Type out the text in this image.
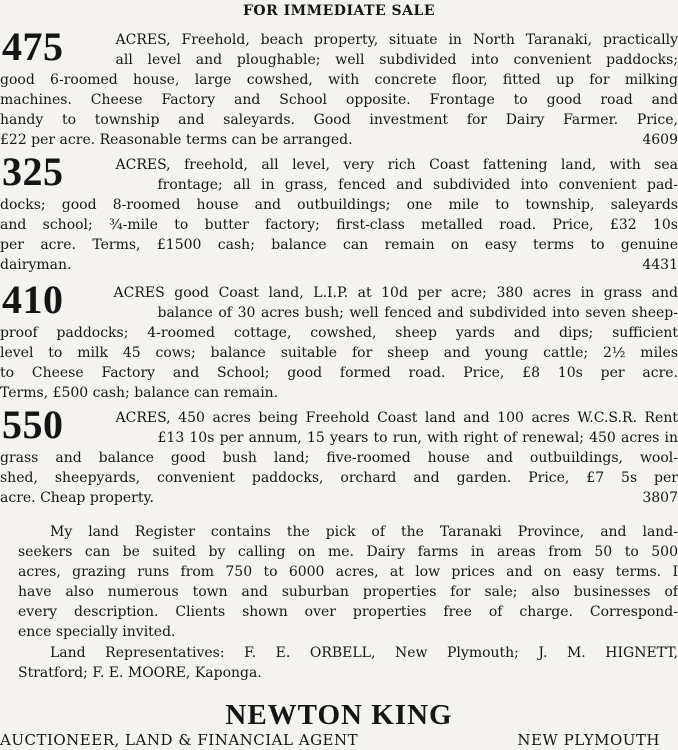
FOR IMMEDIATE SALE
475	ACRES, Freehold, beach property, situate in North Taranaki, practically
all level and ploughable; well subdivided into convenient paddocks;
good 6-roomed house, large cowshed, with concrete floor, fitted up for milking
machines. Cheese Factory and School opposite. Frontage to good road and
handy to township and saleyards. Good investment for Dairy Farmer. Price,
£22 per acre. Reasonable terms can be arranged.	4609
325	ACRES, freehold, all level, very rich Coast fattening land, with sea
frontage; all in grass, fenced and subdivided into convenient pad-
docks; good 8-roomed house and outbuildings; one mile to township, saleyards
and school; ¾-mile to butter factory; first-class metalled road. Price, £32 10s
per acre. Terms, £1500 cash; balance can remain on easy terms to genuine
dairyman.	4431
410	ACRES good Coast land, L.I.P. at 10d per acre; 380 acres in grass and
balance of 30 acres bush; well fenced and subdivided into seven sheep-
proof paddocks; 4-roomed cottage, cowshed, sheep yards and dips; sufficient
level to milk 45 cows; balance suitable for sheep and young cattle; 2½ miles
to Cheese Factory and School; good formed road. Price, £8 10s per acre.
Terms, £500 cash; balance can remain.
550	ACRES, 450 acres being Freehold Coast land and 100 acres W.C.S.R. Rent
£13 10s per annum, 15 years to run, with right of renewal; 450 acres in
grass and balance good bush land; five-roomed house and outbuildings, wool-
shed, sheepyards, convenient paddocks, orchard and garden. Price, £7 5s per
acre. Cheap property.	3807
My land Register contains the pick of the Taranaki Province, and land-
seekers can be suited by calling on me. Dairy farms in areas from 50 to 500
acres, grazing runs from 750 to 6000 acres, at low prices and on easy terms. I
have also numerous town and suburban properties for sale; also businesses of
every description. Clients shown over properties free of charge. Correspond-
ence specially invited.
Land Representatives: F. E. ORBELL, New Plymouth; J. M. HIGNETT,
Stratford; F. E. MOORE, Kaponga.
NEWTON KING
AUCTIONEER, LAND & FINANCIAL AGENT	NEW PLYMOUTH
